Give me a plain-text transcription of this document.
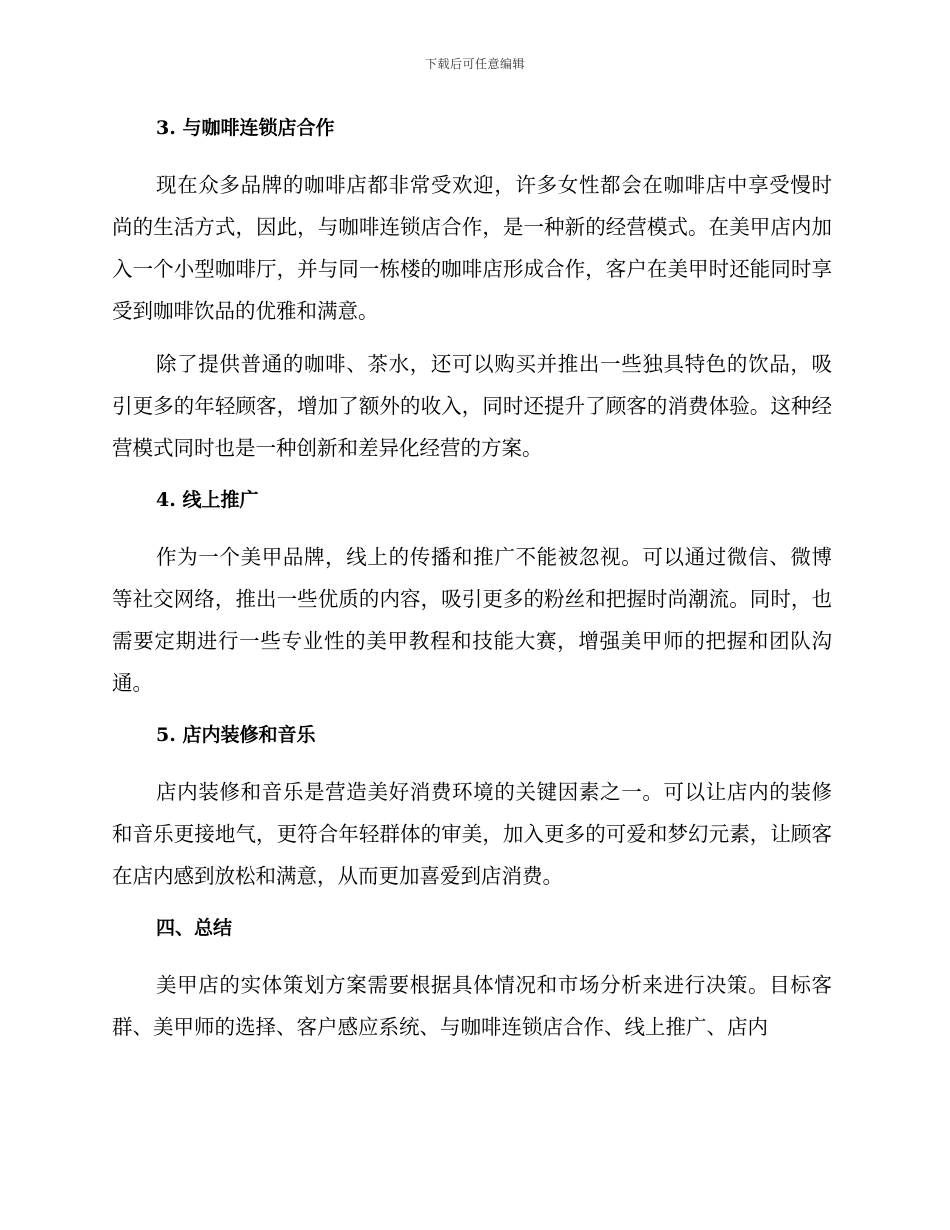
下载后可任意编辑
3. 与咖啡连锁店合作

现在众多品牌的咖啡店都非常受欢迎，许多女性都会在咖啡店中享受慢时尚的生活方式，因此，与咖啡连锁店合作，是一种新的经营模式。在美甲店内加入一个小型咖啡厅，并与同一栋楼的咖啡店形成合作，客户在美甲时还能同时享受到咖啡饮品的优雅和满意。

除了提供普通的咖啡、茶水，还可以购买并推出一些独具特色的饮品，吸引更多的年轻顾客，增加了额外的收入，同时还提升了顾客的消费体验。这种经营模式同时也是一种创新和差异化经营的方案。

4. 线上推广

作为一个美甲品牌，线上的传播和推广不能被忽视。可以通过微信、微博等社交网络，推出一些优质的内容，吸引更多的粉丝和把握时尚潮流。同时，也需要定期进行一些专业性的美甲教程和技能大赛，增强美甲师的把握和团队沟通。

5. 店内装修和音乐

店内装修和音乐是营造美好消费环境的关键因素之一。可以让店内的装修和音乐更接地气，更符合年轻群体的审美，加入更多的可爱和梦幻元素，让顾客在店内感到放松和满意，从而更加喜爱到店消费。

四、总结

美甲店的实体策划方案需要根据具体情况和市场分析来进行决策。目标客群、美甲师的选择、客户感应系统、与咖啡连锁店合作、线上推广、店内
